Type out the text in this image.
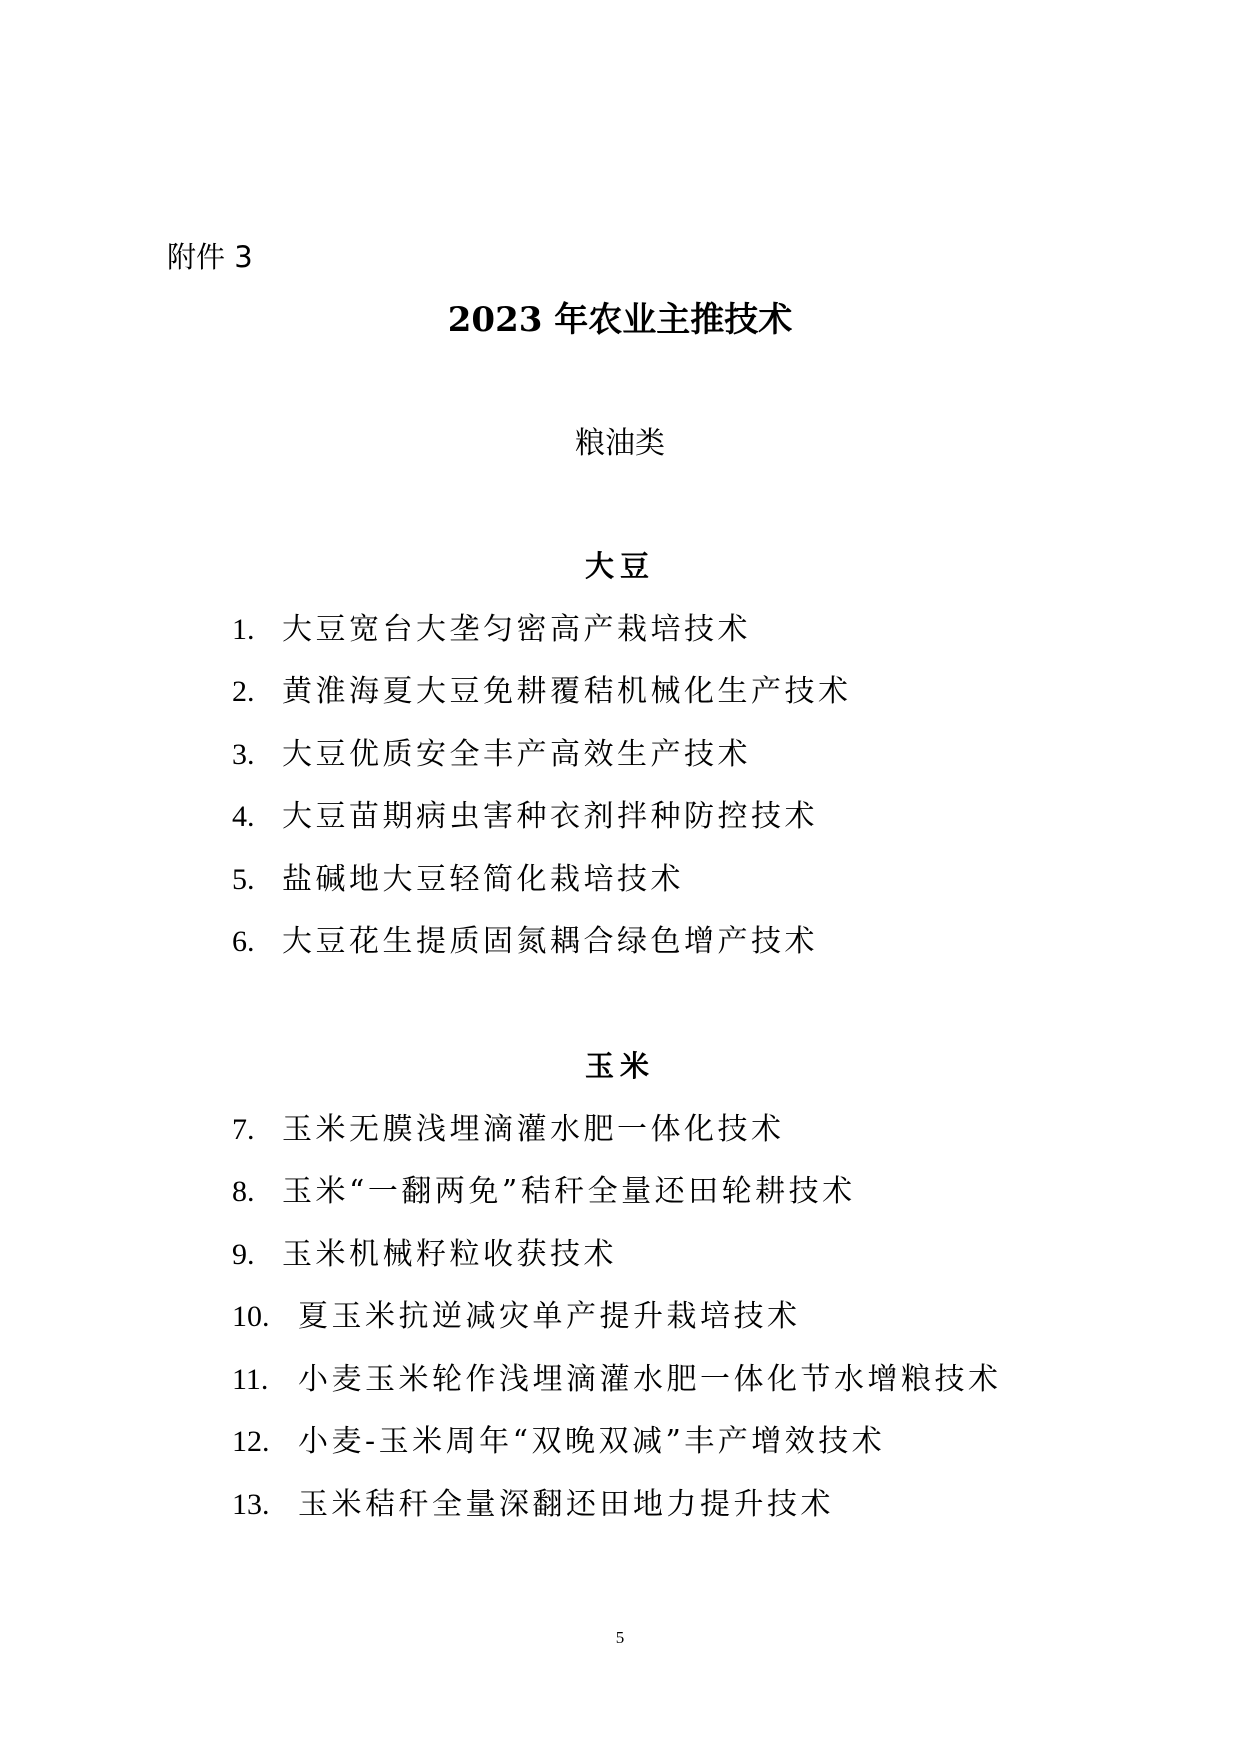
附件 3
2023 年农业主推技术
粮油类
大豆
1. 大豆宽台大垄匀密高产栽培技术
2. 黄淮海夏大豆免耕覆秸机械化生产技术
3. 大豆优质安全丰产高效生产技术
4. 大豆苗期病虫害种衣剂拌种防控技术
5. 盐碱地大豆轻简化栽培技术
6. 大豆花生提质固氮耦合绿色增产技术
玉米
7. 玉米无膜浅埋滴灌水肥一体化技术
8. 玉米“一翻两免”秸秆全量还田轮耕技术
9. 玉米机械籽粒收获技术
10. 夏玉米抗逆减灾单产提升栽培技术
11. 小麦玉米轮作浅埋滴灌水肥一体化节水增粮技术
12. 小麦-玉米周年“双晚双减”丰产增效技术
13. 玉米秸秆全量深翻还田地力提升技术
5
